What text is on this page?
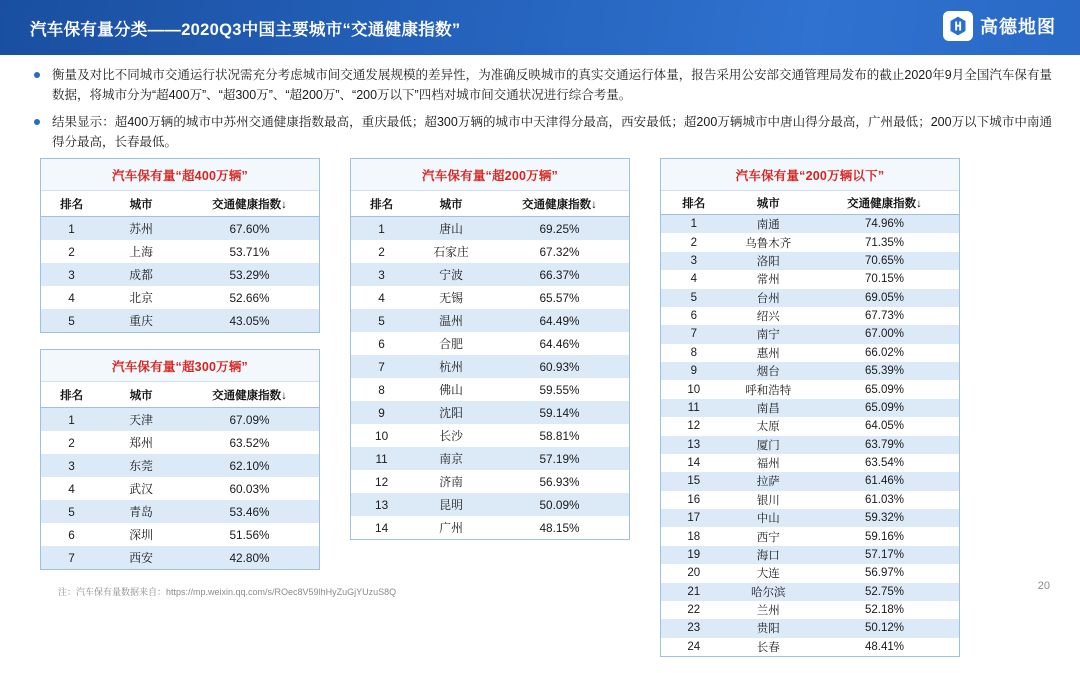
汽车保有量分类——2020Q3中国主要城市“交通健康指数”	高德地图
衡量及对比不同城市交通运行状况需充分考虑城市间交通发展规模的差异性，为准确反映城市的真实交通运行体量，报告采用公安部交通管理局发布的截止2020年9月全国汽车保有量数据，将城市分为“超400万”、“超300万”、“超200万”、“200万以下”四档对城市间交通状况进行综合考量。
结果显示：超400万辆的城市中苏州交通健康指数最高，重庆最低；超300万辆的城市中天津得分最高，西安最低；超200万辆城市中唐山得分最高，广州最低；200万以下城市中南通得分最高，长春最低。
汽车保有量“超400万辆”
排名	城市	交通健康指数↓
1	苏州	67.60%
2	上海	53.71%
3	成都	53.29%
4	北京	52.66%
5	重庆	43.05%
汽车保有量“超300万辆”
排名	城市	交通健康指数↓
1	天津	67.09%
2	郑州	63.52%
3	东莞	62.10%
4	武汉	60.03%
5	青岛	53.46%
6	深圳	51.56%
7	西安	42.80%
汽车保有量“超200万辆”
排名	城市	交通健康指数↓
1	唐山	69.25%
2	石家庄	67.32%
3	宁波	66.37%
4	无锡	65.57%
5	温州	64.49%
6	合肥	64.46%
7	杭州	60.93%
8	佛山	59.55%
9	沈阳	59.14%
10	长沙	58.81%
11	南京	57.19%
12	济南	56.93%
13	昆明	50.09%
14	广州	48.15%
汽车保有量“200万辆以下”
排名	城市	交通健康指数↓
1	南通	74.96%
2	乌鲁木齐	71.35%
3	洛阳	70.65%
4	常州	70.15%
5	台州	69.05%
6	绍兴	67.73%
7	南宁	67.00%
8	惠州	66.02%
9	烟台	65.39%
10	呼和浩特	65.09%
11	南昌	65.09%
12	太原	64.05%
13	厦门	63.79%
14	福州	63.54%
15	拉萨	61.46%
16	银川	61.03%
17	中山	59.32%
18	西宁	59.16%
19	海口	57.17%
20	大连	56.97%
21	哈尔滨	52.75%
22	兰州	52.18%
23	贵阳	50.12%
24	长春	48.41%
注：汽车保有量数据来自：https://mp.weixin.qq.com/s/ROec8V59lhHyZuGjYUzuS8Q	20
